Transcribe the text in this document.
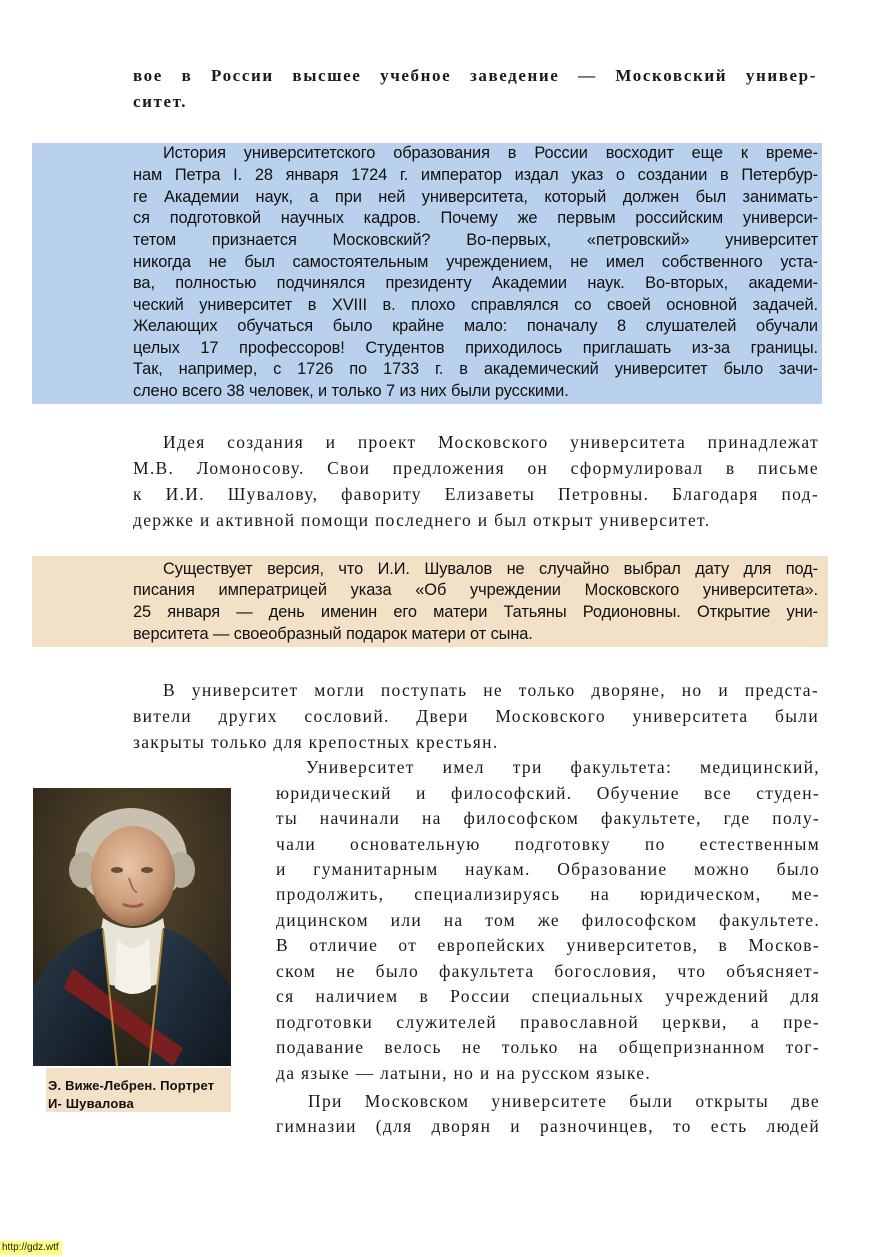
вое в России высшее учебное заведение — Московский универ-
ситет.
История университетского образования в России восходит еще к времe-
нам Петра I. 28 января 1724 г. император издал указ о создании в Петербур-
ге Академии наук, а при ней университета, который должен был занимать-
ся подготовкой научных кадров. Почему же первым российским универси-
тетом признается Московский? Во-первых, «петровский» университет
никогда не был самостоятельным учреждением, не имел собственного уста-
ва, полностью подчинялся президенту Академии наук. Во-вторых, академи-
ческий университет в XVIII в. плохо справлялся со своей основной задачей.
Желающих обучаться было крайне мало: поначалу 8 слушателей обучали
целых 17 профессоров! Студентов приходилось приглашать из-за границы.
Так, например, с 1726 по 1733 г. в академический университет было зачи-
слено всего 38 человек, и только 7 из них были русскими.
Идея создания и проект Московского университета принадлежат
М.В. Ломоносову. Свои предложения он сформулировал в письме
к И.И. Шувалову, фавориту Елизаветы Петровны. Благодаря под-
держке и активной помощи последнего и был открыт университет.
Существует версия, что И.И. Шувалов не случайно выбрал дату для под-
писания императрицей указа «Об учреждении Московского университета».
25 января — день именин его матери Татьяны Родионовны. Открытие уни-
верситета — своеобразный подарок матери от сына.
В университет могли поступать не только дворяне, но и предста-
вители других сословий. Двери Московского университета были
закрыты только для крепостных крестьян.
Э. Виже-Лебрен. Портрет
И- Шувалова
Университет имел три факультета: медицинский,
юридический и философский. Обучение все студен-
ты начинали на философском факультете, где полу-
чали основательную подготовку по естественным
и гуманитарным наукам. Образование можно было
продолжить, специализируясь на юридическом, ме-
дицинском или на том же философском факультете.
В отличие от европейских университетов, в Москов-
ском не было факультета богословия, что объясняет-
ся наличием в России специальных учреждений для
подготовки служителей православной церкви, а пре-
подавание велось не только на общепризнанном тог-
да языке — латыни, но и на русском языке.
При Московском университете были открыты две
гимназии (для дворян и разночинцев, то есть людей
http://gdz.wtf
